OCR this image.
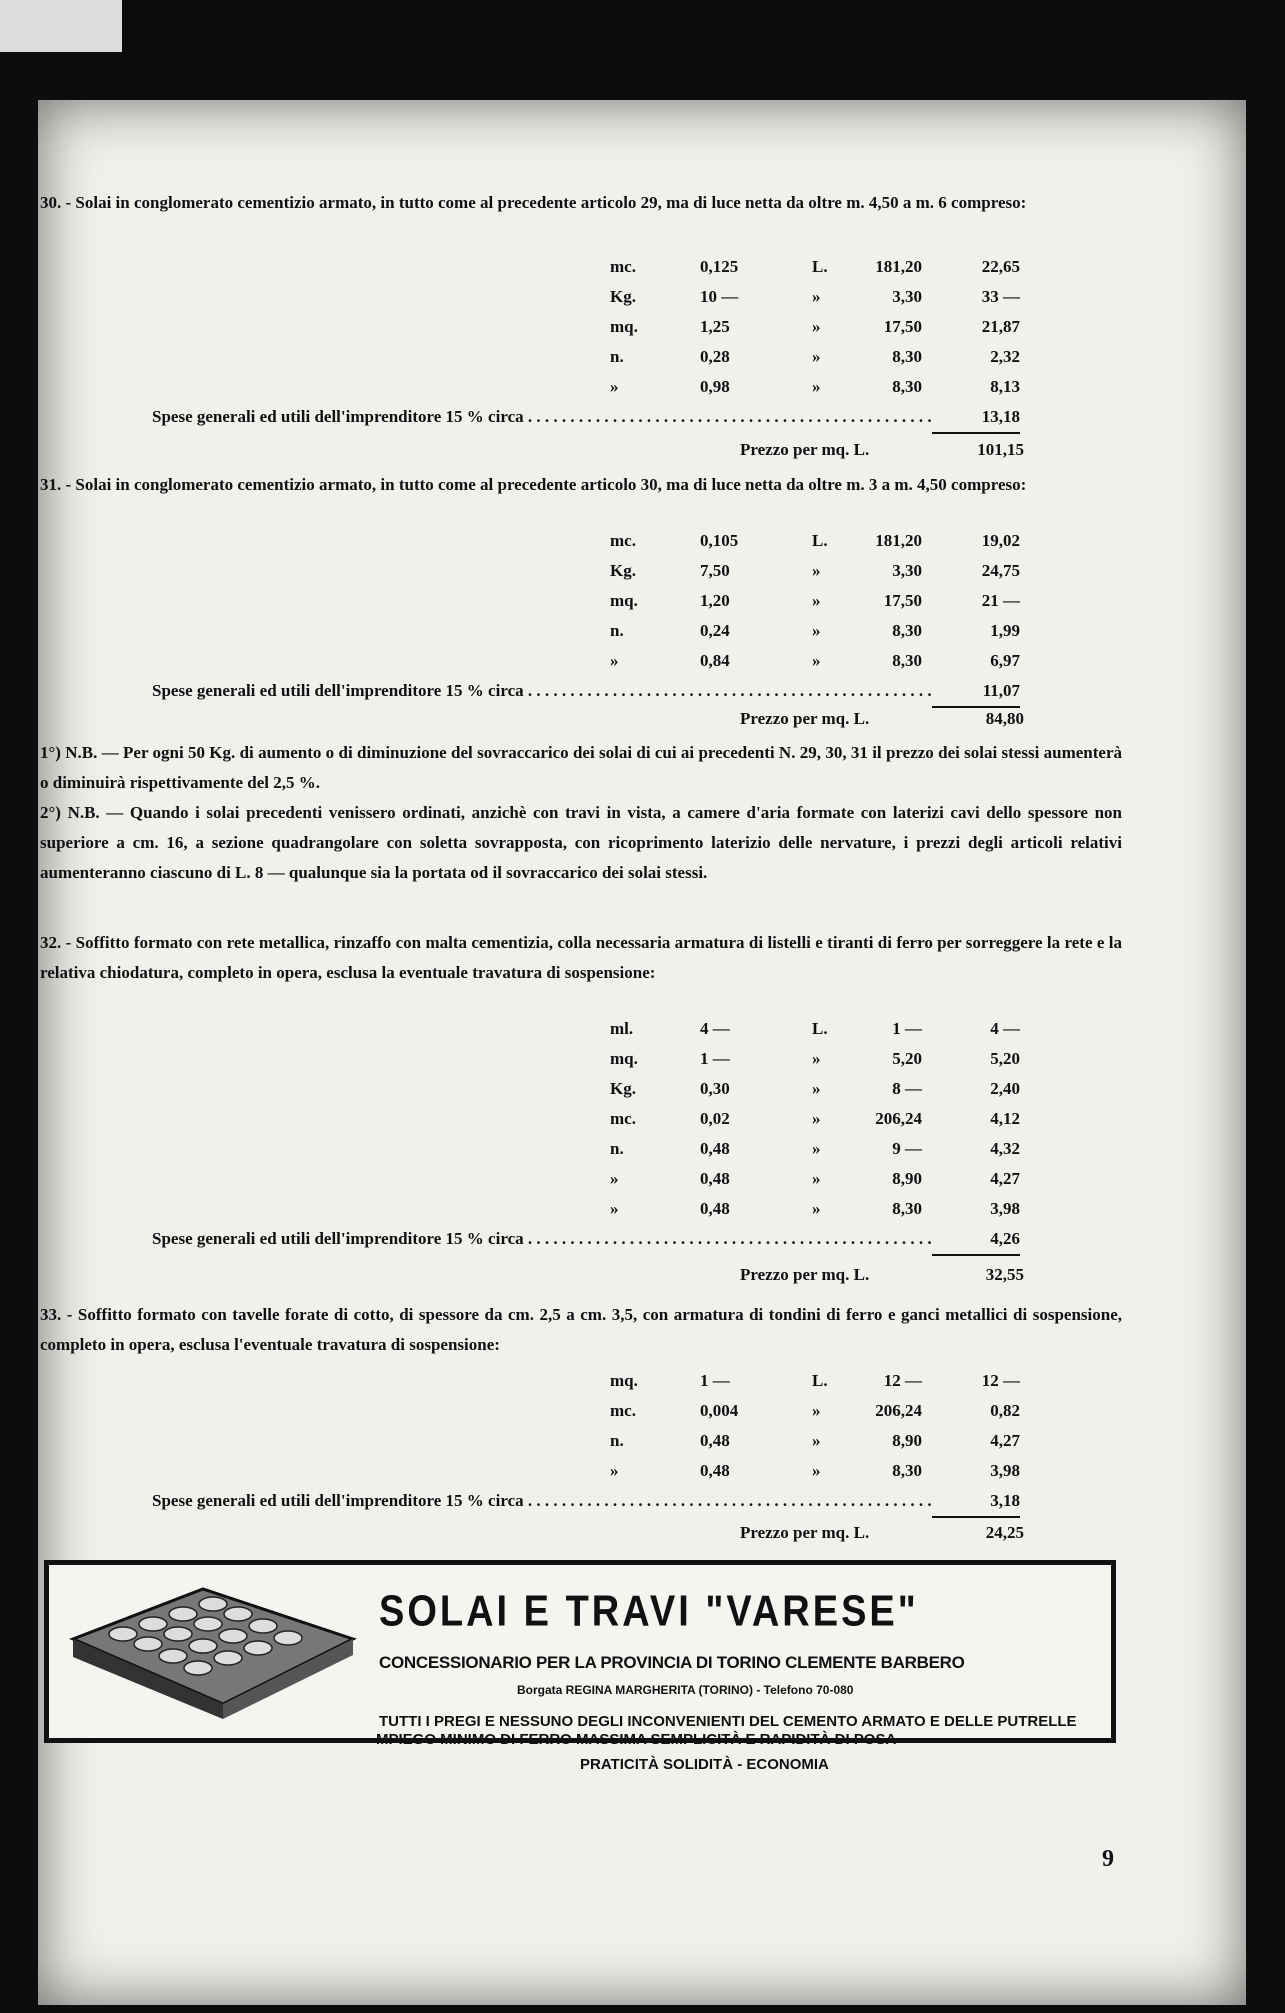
30. - Solai in conglomerato cementizio armato, in tutto come al precedente articolo 29, ma di luce netta da oltre m. 4,50 a m. 6 compreso:
mc.	0,125	L.	181,20	22,65
Kg.	10 —	»	3,30	33 —
mq.	1,25	»	17,50	21,87
n.	0,28	»	8,30	2,32
»	0,98	»	8,30	8,13
Spese generali ed utili dell'imprenditore 15 % circa . . .	13,18
Prezzo per mq. L.	101,15
31. - Solai in conglomerato cementizio armato, in tutto come al precedente articolo 30, ma di luce netta da oltre m. 3 a m. 4,50 compreso:
mc.	0,105	L.	181,20	19,02
Kg.	7,50	»	3,30	24,75
mq.	1,20	»	17,50	21 —
n.	0,24	»	8,30	1,99
»	0,84	»	8,30	6,97
Spese generali ed utili dell'imprenditore 15 % circa . . .	11,07
Prezzo per mq. L.	84,80
1°) N.B. — Per ogni 50 Kg. di aumento o di diminuzione del sovraccarico dei solai di cui ai precedenti N. 29, 30, 31 il prezzo dei solai stessi aumenterà o diminuirà rispettivamente del 2,5 %.
2°) N.B. — Quando i solai precedenti venissero ordinati, anzichè con travi in vista, a camere d'aria formate con laterizi cavi dello spessore non superiore a cm. 16, a sezione quadrangolare con soletta sovrapposta, con ricoprimento laterizio delle nervature, i prezzi degli articoli relativi aumenteranno ciascuno di L. 8 — qualunque sia la portata od il sovraccarico dei solai stessi.
32. - Soffitto formato con rete metallica, rinzaffo con malta cementizia, colla necessaria armatura di listelli e tiranti di ferro per sorreggere la rete e la relativa chiodatura, completo in opera, esclusa la eventuale travatura di sospensione:
ml.	4 —	L.	1 —	4 —
mq.	1 —	»	5,20	5,20
Kg.	0,30	»	8 —	2,40
mc.	0,02	»	206,24	4,12
n.	0,48	»	9 —	4,32
»	0,48	»	8,90	4,27
»	0,48	»	8,30	3,98
Spese generali ed utili dell'imprenditore 15 % circa . . .	4,26
Prezzo per mq. L.	32,55
33. - Soffitto formato con tavelle forate di cotto, di spessore da cm. 2,5 a cm. 3,5, con armatura di tondini di ferro e ganci metallici di sospensione, completo in opera, esclusa l'eventuale travatura di sospensione:
mq.	1 —	L.	12 —	12 —
mc.	0,004	»	206,24	0,82
n.	0,48	»	8,90	4,27
»	0,48	»	8,30	3,98
Spese generali ed utili dell'imprenditore 15 % circa . . .	3,18
Prezzo per mq. L.	24,25
SOLAI E TRAVI "VARESE"
CONCESSIONARIO PER LA PROVINCIA DI TORINO CLEMENTE BARBERO
Borgata REGINA MARGHERITA (TORINO) - Telefono 70-080
TUTTI I PREGI E NESSUNO DEGLI INCONVENIENTI DEL CEMENTO ARMATO E DELLE PUTRELLE
MPIEGO MINIMO DI FERRO MASSIMA SEMPLICITÀ E RAPIDITÀ DI POSA
PRATICITÀ SOLIDITÀ - ECONOMIA
9
